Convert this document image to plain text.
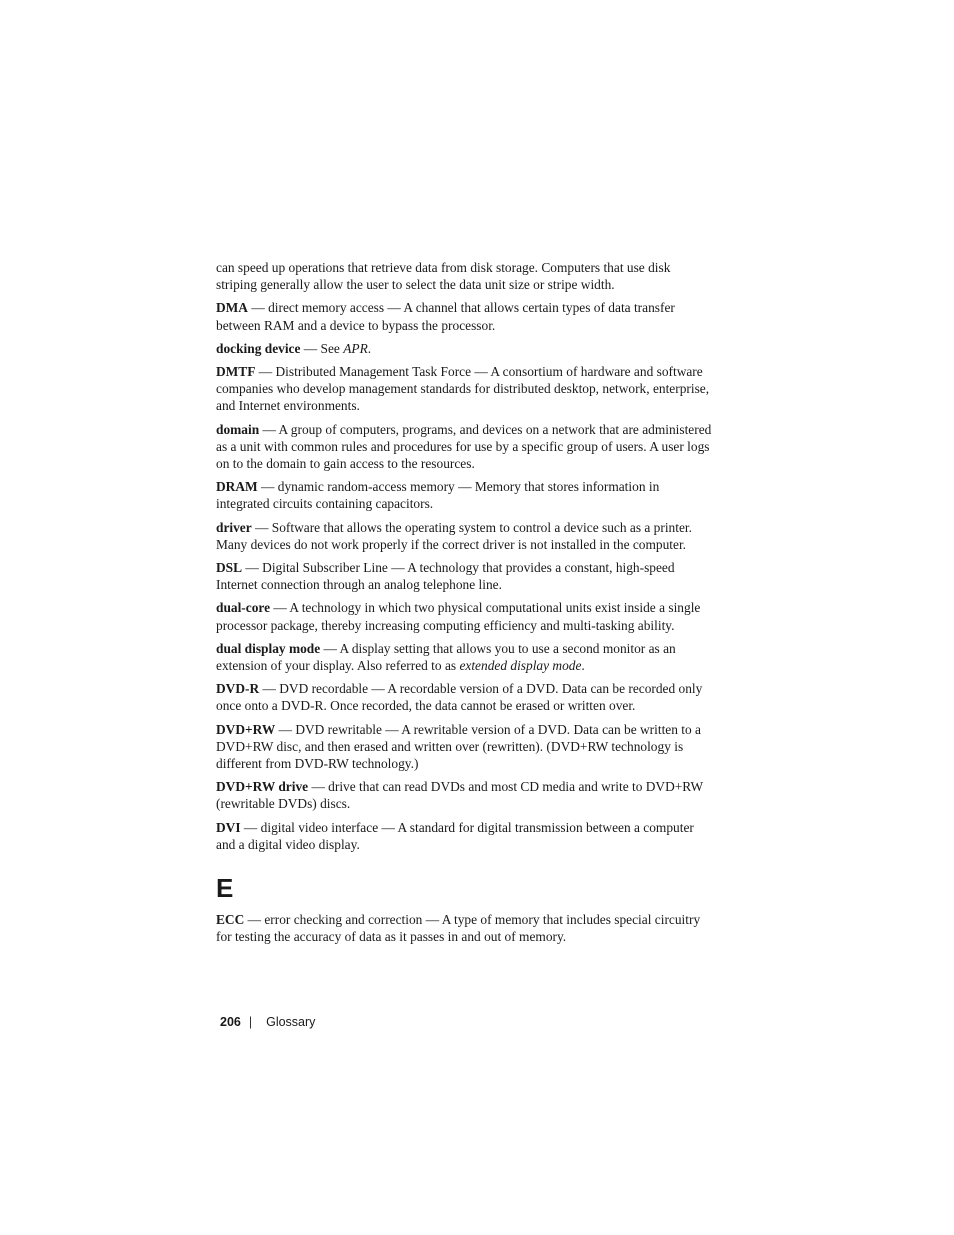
can speed up operations that retrieve data from disk storage. Computers that use disk striping generally allow the user to select the data unit size or stripe width.

DMA — direct memory access — A channel that allows certain types of data transfer between RAM and a device to bypass the processor.

docking device — See APR.

DMTF — Distributed Management Task Force — A consortium of hardware and software companies who develop management standards for distributed desktop, network, enterprise, and Internet environments.

domain — A group of computers, programs, and devices on a network that are administered as a unit with common rules and procedures for use by a specific group of users. A user logs on to the domain to gain access to the resources.

DRAM — dynamic random-access memory — Memory that stores information in integrated circuits containing capacitors.

driver — Software that allows the operating system to control a device such as a printer. Many devices do not work properly if the correct driver is not installed in the computer.

DSL — Digital Subscriber Line — A technology that provides a constant, high-speed Internet connection through an analog telephone line.

dual-core — A technology in which two physical computational units exist inside a single processor package, thereby increasing computing efficiency and multi-tasking ability.

dual display mode — A display setting that allows you to use a second monitor as an extension of your display. Also referred to as extended display mode.

DVD-R — DVD recordable — A recordable version of a DVD. Data can be recorded only once onto a DVD-R. Once recorded, the data cannot be erased or written over.

DVD+RW — DVD rewritable — A rewritable version of a DVD. Data can be written to a DVD+RW disc, and then erased and written over (rewritten). (DVD+RW technology is different from DVD-RW technology.)

DVD+RW drive — drive that can read DVDs and most CD media and write to DVD+RW (rewritable DVDs) discs.

DVI — digital video interface — A standard for digital transmission between a computer and a digital video display.

E

ECC — error checking and correction — A type of memory that includes special circuitry for testing the accuracy of data as it passes in and out of memory.

206 | Glossary
